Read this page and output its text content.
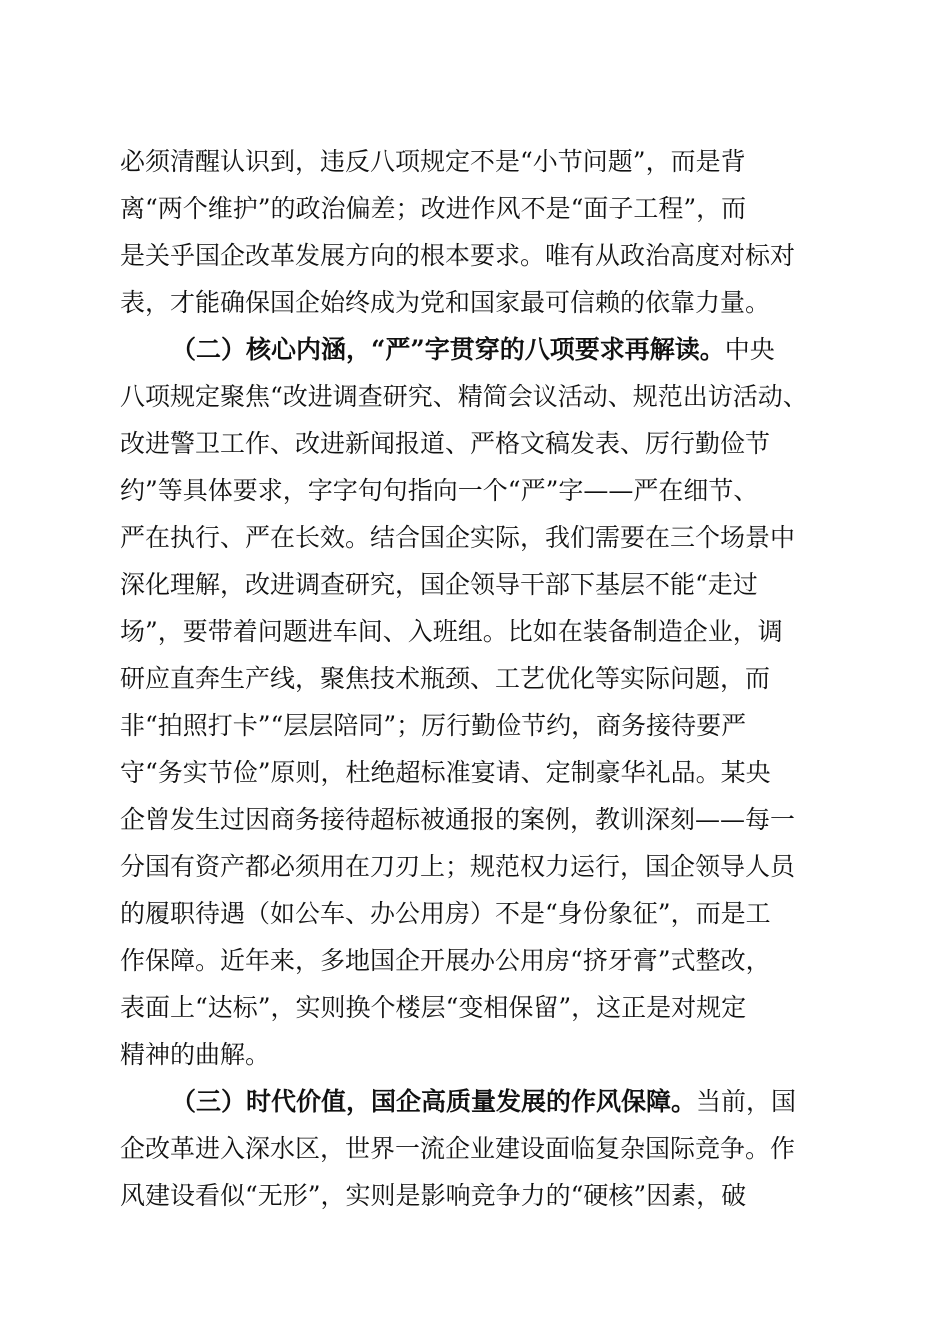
必须清醒认识到，违反八项规定不是“小节问题”，而是背
离“两个维护”的政治偏差；改进作风不是“面子工程”，而
是关乎国企改革发展方向的根本要求。唯有从政治高度对标对
表，才能确保国企始终成为党和国家最可信赖的依靠力量。
（二）核心内涵，“严”字贯穿的八项要求再解读。中央
八项规定聚焦“改进调查研究、精简会议活动、规范出访活动、
改进警卫工作、改进新闻报道、严格文稿发表、厉行勤俭节
约”等具体要求，字字句句指向一个“严”字——严在细节、
严在执行、严在长效。结合国企实际，我们需要在三个场景中
深化理解，改进调查研究，国企领导干部下基层不能“走过
场”，要带着问题进车间、入班组。比如在装备制造企业，调
研应直奔生产线，聚焦技术瓶颈、工艺优化等实际问题，而
非“拍照打卡”“层层陪同”；厉行勤俭节约，商务接待要严
守“务实节俭”原则，杜绝超标准宴请、定制豪华礼品。某央
企曾发生过因商务接待超标被通报的案例，教训深刻——每一
分国有资产都必须用在刀刃上；规范权力运行，国企领导人员
的履职待遇（如公车、办公用房）不是“身份象征”，而是工
作保障。近年来，多地国企开展办公用房“挤牙膏”式整改，
表面上“达标”，实则换个楼层“变相保留”，这正是对规定
精神的曲解。
（三）时代价值，国企高质量发展的作风保障。当前，国
企改革进入深水区，世界一流企业建设面临复杂国际竞争。作
风建设看似“无形”，实则是影响竞争力的“硬核”因素，破
